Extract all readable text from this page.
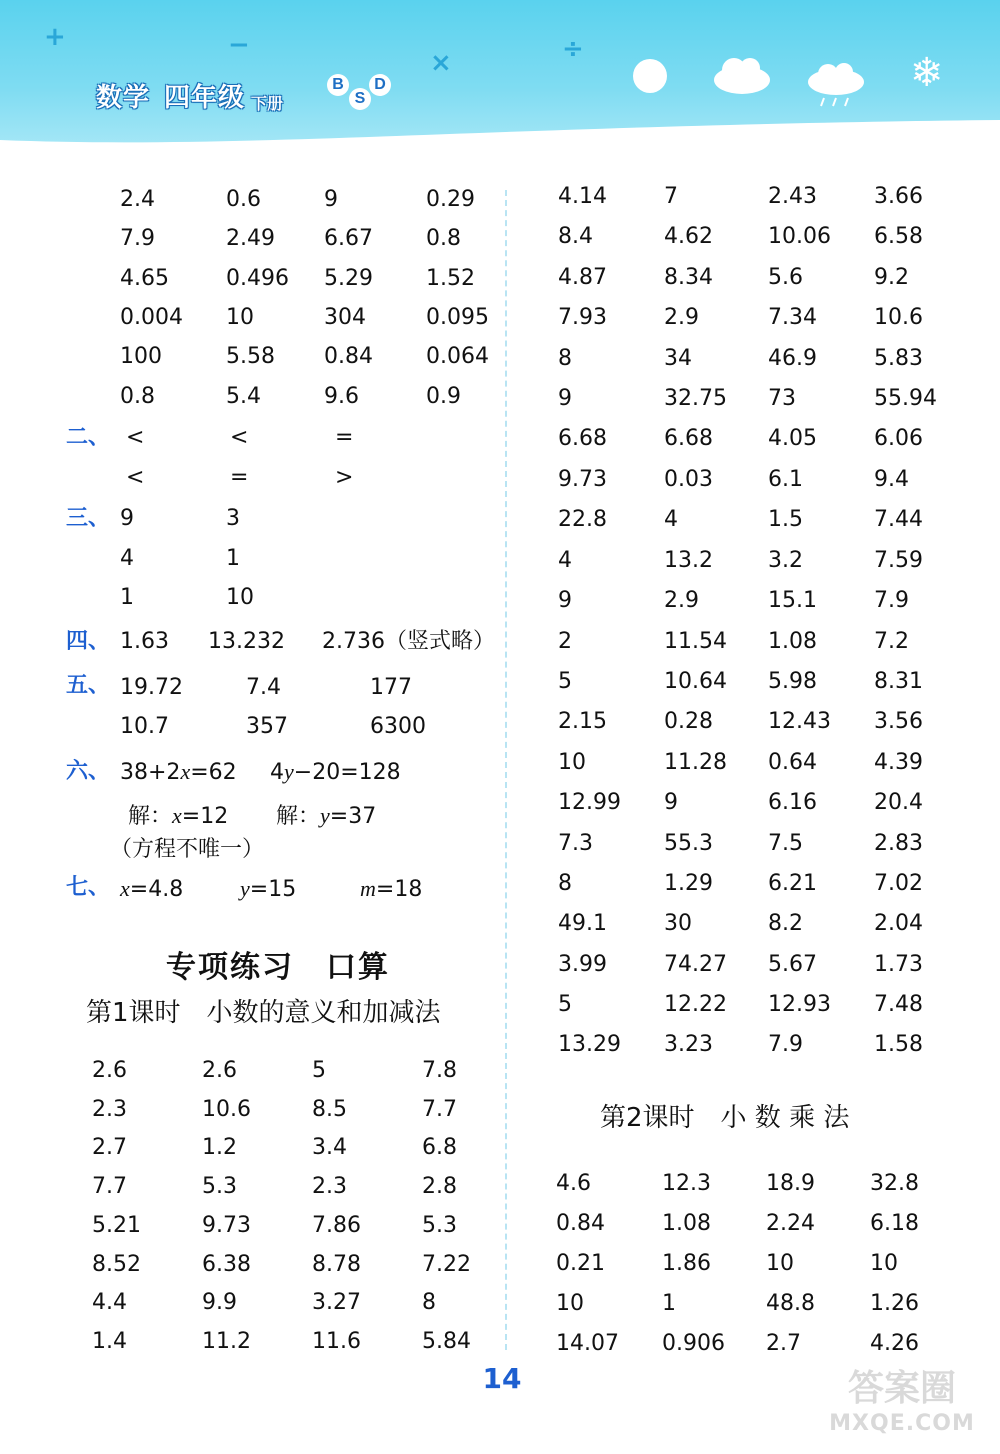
+	−
×	÷
❄
数学 四年级 下册
B
S
D
2.4	0.6	9	0.29
7.9	2.49 6.67 0.8
4.65	0.496 5.29 1.52
0.004 10	304	0.095
100	5.58 0.84 0.064
0.8	5.4	9.6	0.9
二、 <	<	=
<	=	>
三、 9	3
4	1
1	10
四、 1.63 13.232 2.736（竖式略）
五、 19.72	7.4	177
10.7	357	6300
六、 38+2x=62 4y−20=128
解：x=12 解：y=37
（方程不唯一）
七、 x=4.8	y=15	m=18
专项练习　口算
第1课时　小数的意义和加减法
2.6	2.6	5	7.8
2.3	10.6	8.5	7.7
2.7	1.2	3.4	6.8
7.7	5.3	2.3	2.8
5.21	9.73	7.86	5.3
8.52	6.38	8.78	7.22
4.4	9.9	3.27	8
1.4	11.2	11.6	5.84
4.14	7	2.43	3.66
8.4	4.62	10.06 6.58
4.87	8.34	5.6	9.2
7.93	2.9	7.34	10.6
8	34	46.9	5.83
9	32.75 73	55.94
6.68	6.68	4.05	6.06
9.73	0.03	6.1	9.4
22.8	4	1.5	7.44
4	13.2	3.2	7.59
9	2.9	15.1	7.9
2	11.54 1.08	7.2
5	10.64 5.98	8.31
2.15	0.28	12.43 3.56
10	11.28 0.64	4.39
12.99 9	6.16	20.4
7.3	55.3	7.5	2.83
8	1.29	6.21	7.02
49.1	30	8.2	2.04
3.99	74.27 5.67	1.73
5	12.22 12.93 7.48
13.29 3.23	7.9	1.58
第2课时　小 数 乘 法
4.6	12.3	18.9	32.8
0.84	1.08	2.24	6.18
0.21	1.86	10	10
10	1	48.8	1.26
14.07 0.906 2.7	4.26
14	答案圈
MXQE.COM
